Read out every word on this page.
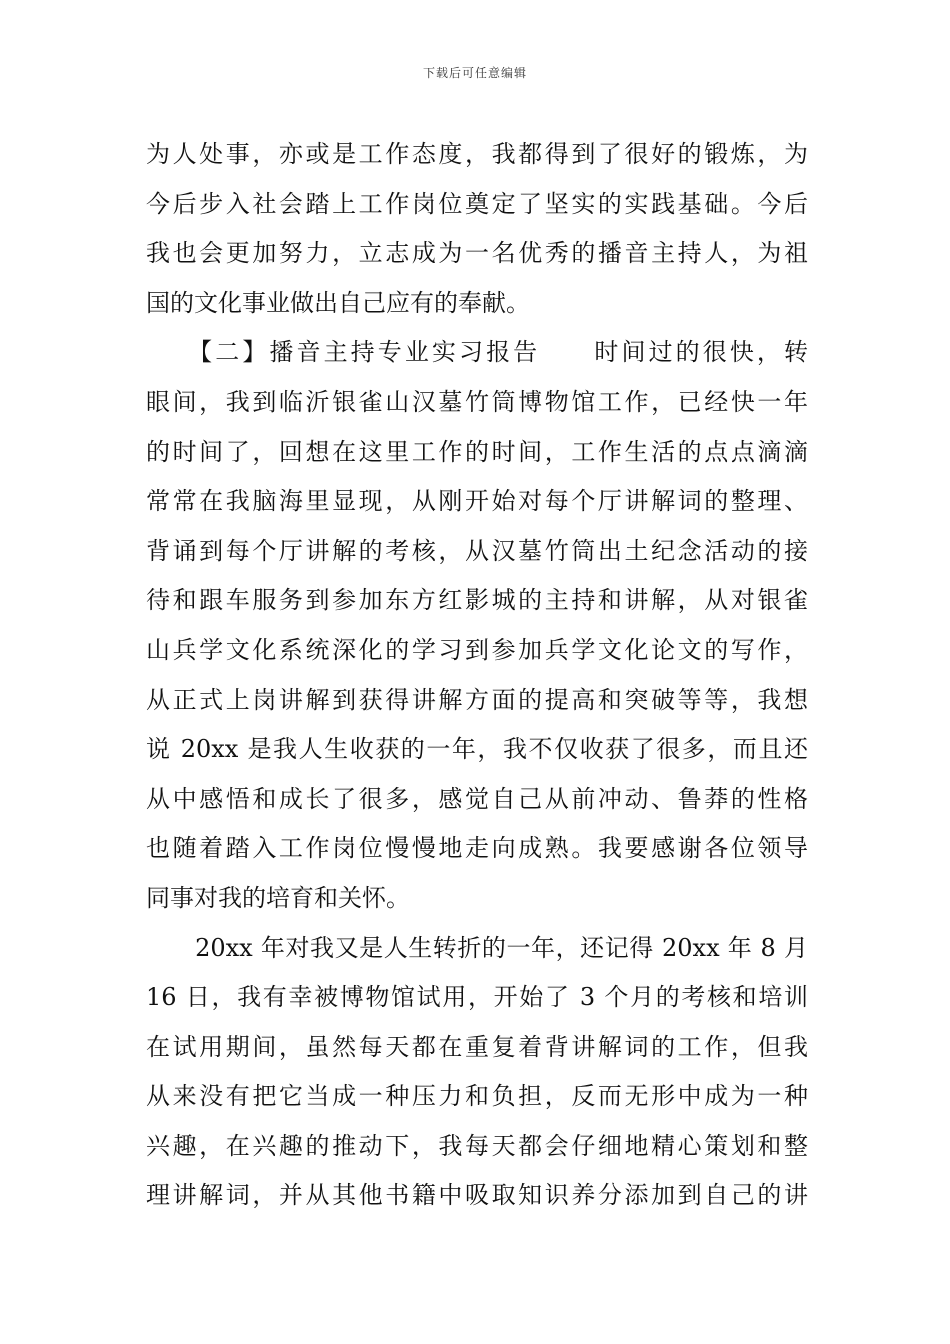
下载后可任意编辑
为人处事，亦或是工作态度，我都得到了很好的锻炼，为
今后步入社会踏上工作岗位奠定了坚实的实践基础。今后
我也会更加努力，立志成为一名优秀的播音主持人，为祖
国的文化事业做出自己应有的奉献。
　　【二】播音主持专业实习报告　　时间过的很快，转
眼间，我到临沂银雀山汉墓竹筒博物馆工作，已经快一年
的时间了，回想在这里工作的时间，工作生活的点点滴滴
常常在我脑海里显现，从刚开始对每个厅讲解词的整理、
背诵到每个厅讲解的考核，从汉墓竹筒出土纪念活动的接
待和跟车服务到参加东方红影城的主持和讲解，从对银雀
山兵学文化系统深化的学习到参加兵学文化论文的写作，
从正式上岗讲解到获得讲解方面的提高和突破等等，我想
说 20xx 是我人生收获的一年，我不仅收获了很多，而且还
从中感悟和成长了很多，感觉自己从前冲动、鲁莽的性格
也随着踏入工作岗位慢慢地走向成熟。我要感谢各位领导
同事对我的培育和关怀。
　　20xx 年对我又是人生转折的一年，还记得 20xx 年 8 月
16 日，我有幸被博物馆试用，开始了 3 个月的考核和培训
在试用期间，虽然每天都在重复着背讲解词的工作，但我
从来没有把它当成一种压力和负担，反而无形中成为一种
兴趣，在兴趣的推动下，我每天都会仔细地精心策划和整
理讲解词，并从其他书籍中吸取知识养分添加到自己的讲
